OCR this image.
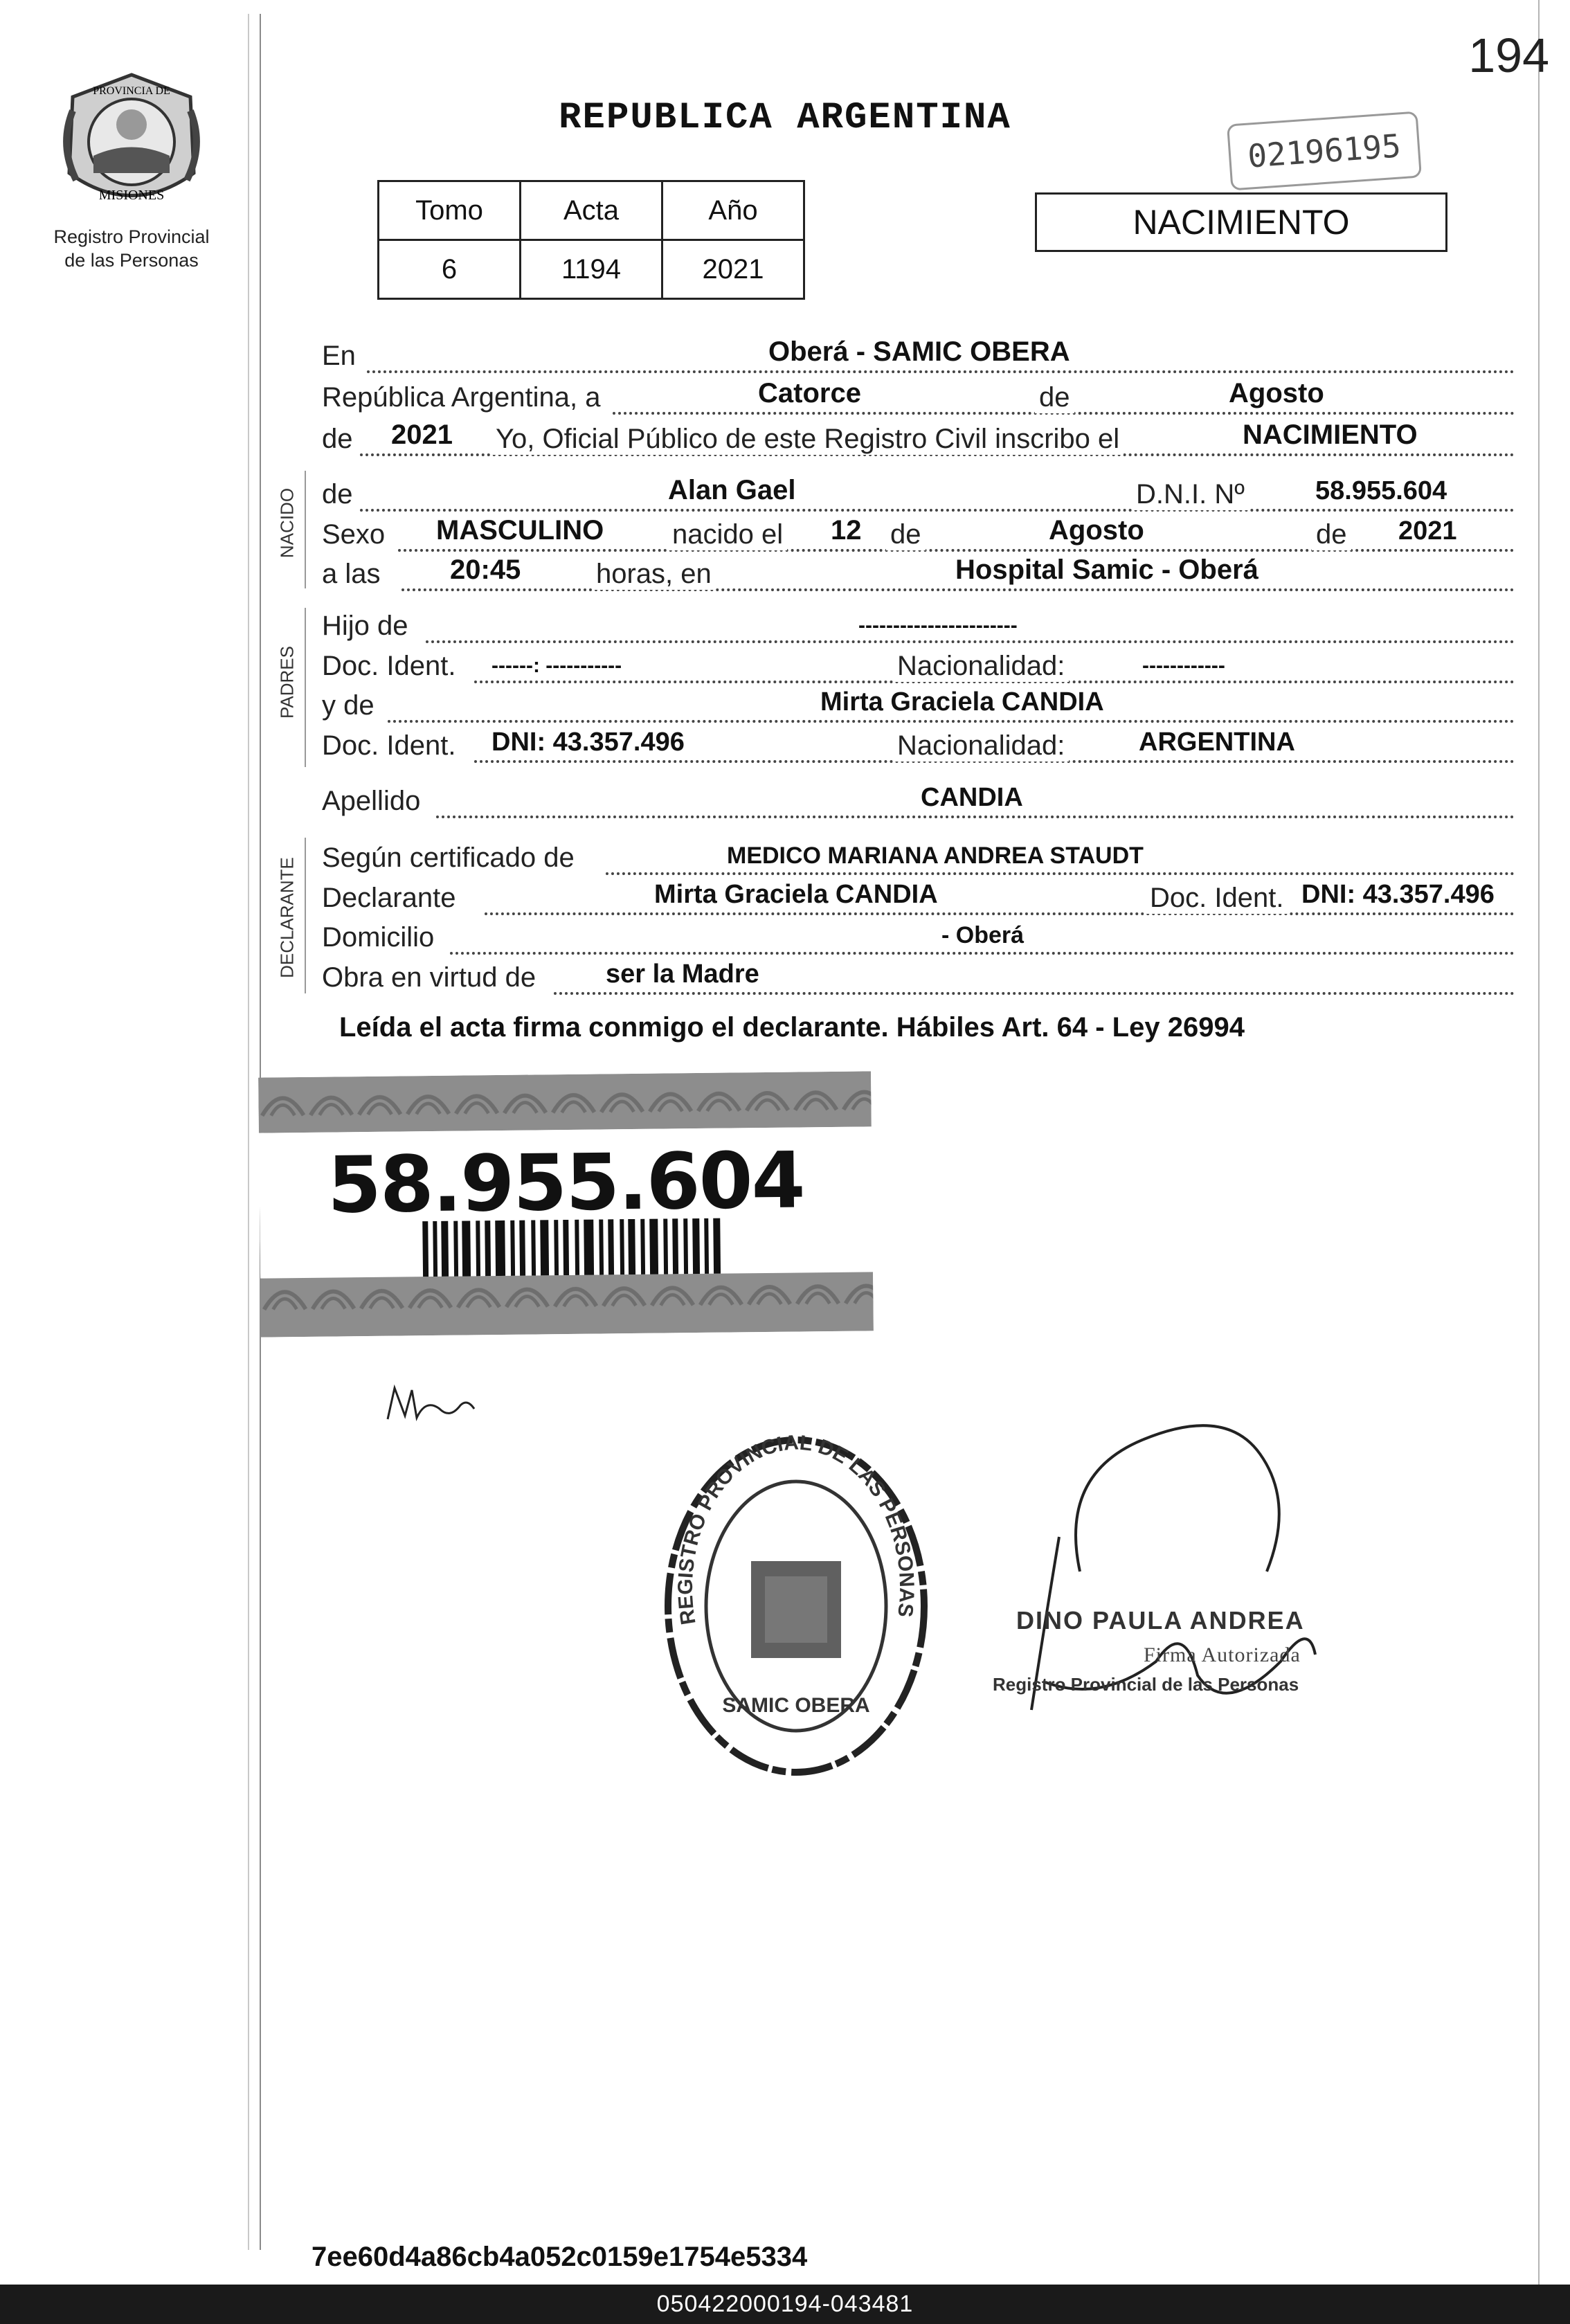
PROVINCIA DE
MISIONES
Registro Provincial
de las Personas
194
REPUBLICA ARGENTINA
02196195
Tomo	Acta	Año
6	1194	2021
NACIMIENTO
NACIDO
PADRES
DECLARANTE
En	Oberá - SAMIC OBERA
República Argentina, a	Catorce	de	Agosto
de 2021 Yo, Oficial Público de este Registro Civil inscribo el	NACIMIENTO
de	Alan Gael	D.N.I. Nº	58.955.604
Sexo MASCULINO nacido el 12 de	Agosto	de 2021
a las	20:45	horas, en	Hospital Samic - Oberá
Hijo de	-----------------------
Doc. Ident. ------: -----------	Nacionalidad:	------------
y de	Mirta Graciela CANDIA
Doc. Ident. DNI: 43.357.496	Nacionalidad:	ARGENTINA
Apellido	CANDIA
Según certificado de	MEDICO MARIANA ANDREA STAUDT
Declarante	Mirta Graciela CANDIA	Doc. Ident. DNI: 43.357.496
Domicilio	- Oberá
Obra en virtud de	ser la Madre
Leída el acta firma conmigo el declarante. Hábiles Art. 64 - Ley 26994
58.955.604
REGISTRO PROVINCIAL DE LAS PERSONAS
SAMIC OBERA
DINO PAULA ANDREA
Firma Autorizada
Registro Provincial de las Personas
7ee60d4a86cb4a052c0159e1754e5334
050422000194-043481
